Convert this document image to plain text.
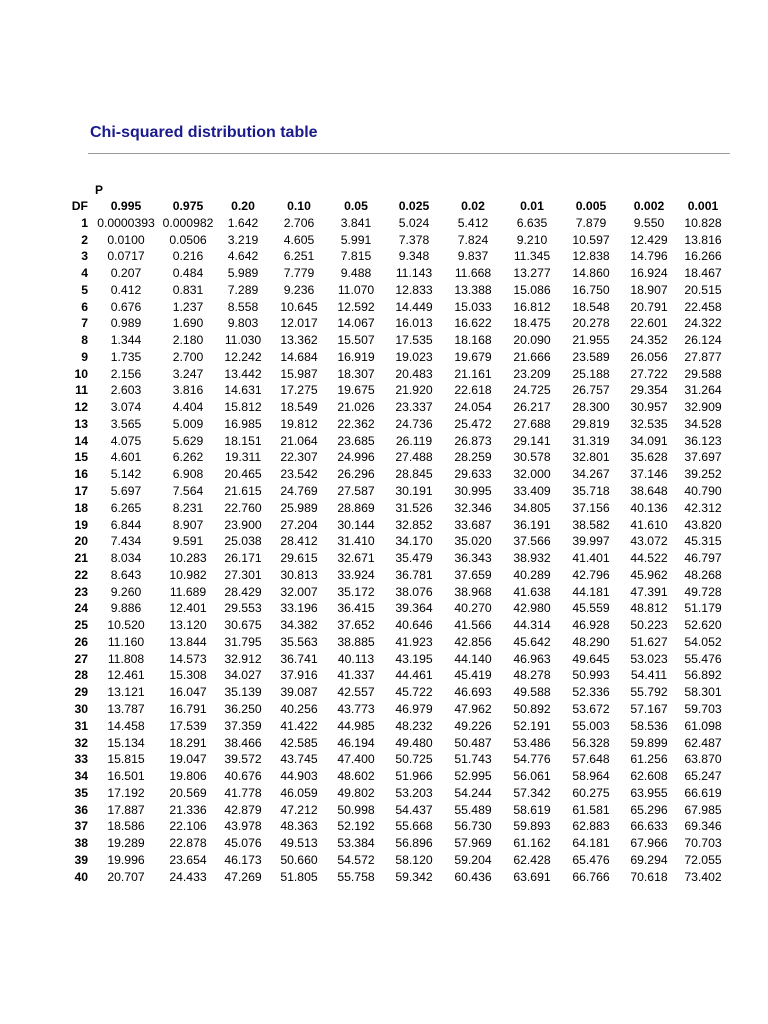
Chi-squared distribution table
P
DF	0.995	0.975	0.20	0.10	0.05	0.025	0.02	0.01	0.005	0.002	0.001
1	0.0000393	0.000982	1.642	2.706	3.841	5.024	5.412	6.635	7.879	9.550	10.828
2	0.0100	0.0506	3.219	4.605	5.991	7.378	7.824	9.210	10.597	12.429	13.816
3	0.0717	0.216	4.642	6.251	7.815	9.348	9.837	11.345	12.838	14.796	16.266
4	0.207	0.484	5.989	7.779	9.488	11.143	11.668	13.277	14.860	16.924	18.467
5	0.412	0.831	7.289	9.236	11.070	12.833	13.388	15.086	16.750	18.907	20.515
6	0.676	1.237	8.558	10.645	12.592	14.449	15.033	16.812	18.548	20.791	22.458
7	0.989	1.690	9.803	12.017	14.067	16.013	16.622	18.475	20.278	22.601	24.322
8	1.344	2.180	11.030	13.362	15.507	17.535	18.168	20.090	21.955	24.352	26.124
9	1.735	2.700	12.242	14.684	16.919	19.023	19.679	21.666	23.589	26.056	27.877
10	2.156	3.247	13.442	15.987	18.307	20.483	21.161	23.209	25.188	27.722	29.588
11	2.603	3.816	14.631	17.275	19.675	21.920	22.618	24.725	26.757	29.354	31.264
12	3.074	4.404	15.812	18.549	21.026	23.337	24.054	26.217	28.300	30.957	32.909
13	3.565	5.009	16.985	19.812	22.362	24.736	25.472	27.688	29.819	32.535	34.528
14	4.075	5.629	18.151	21.064	23.685	26.119	26.873	29.141	31.319	34.091	36.123
15	4.601	6.262	19.311	22.307	24.996	27.488	28.259	30.578	32.801	35.628	37.697
16	5.142	6.908	20.465	23.542	26.296	28.845	29.633	32.000	34.267	37.146	39.252
17	5.697	7.564	21.615	24.769	27.587	30.191	30.995	33.409	35.718	38.648	40.790
18	6.265	8.231	22.760	25.989	28.869	31.526	32.346	34.805	37.156	40.136	42.312
19	6.844	8.907	23.900	27.204	30.144	32.852	33.687	36.191	38.582	41.610	43.820
20	7.434	9.591	25.038	28.412	31.410	34.170	35.020	37.566	39.997	43.072	45.315
21	8.034	10.283	26.171	29.615	32.671	35.479	36.343	38.932	41.401	44.522	46.797
22	8.643	10.982	27.301	30.813	33.924	36.781	37.659	40.289	42.796	45.962	48.268
23	9.260	11.689	28.429	32.007	35.172	38.076	38.968	41.638	44.181	47.391	49.728
24	9.886	12.401	29.553	33.196	36.415	39.364	40.270	42.980	45.559	48.812	51.179
25	10.520	13.120	30.675	34.382	37.652	40.646	41.566	44.314	46.928	50.223	52.620
26	11.160	13.844	31.795	35.563	38.885	41.923	42.856	45.642	48.290	51.627	54.052
27	11.808	14.573	32.912	36.741	40.113	43.195	44.140	46.963	49.645	53.023	55.476
28	12.461	15.308	34.027	37.916	41.337	44.461	45.419	48.278	50.993	54.411	56.892
29	13.121	16.047	35.139	39.087	42.557	45.722	46.693	49.588	52.336	55.792	58.301
30	13.787	16.791	36.250	40.256	43.773	46.979	47.962	50.892	53.672	57.167	59.703
31	14.458	17.539	37.359	41.422	44.985	48.232	49.226	52.191	55.003	58.536	61.098
32	15.134	18.291	38.466	42.585	46.194	49.480	50.487	53.486	56.328	59.899	62.487
33	15.815	19.047	39.572	43.745	47.400	50.725	51.743	54.776	57.648	61.256	63.870
34	16.501	19.806	40.676	44.903	48.602	51.966	52.995	56.061	58.964	62.608	65.247
35	17.192	20.569	41.778	46.059	49.802	53.203	54.244	57.342	60.275	63.955	66.619
36	17.887	21.336	42.879	47.212	50.998	54.437	55.489	58.619	61.581	65.296	67.985
37	18.586	22.106	43.978	48.363	52.192	55.668	56.730	59.893	62.883	66.633	69.346
38	19.289	22.878	45.076	49.513	53.384	56.896	57.969	61.162	64.181	67.966	70.703
39	19.996	23.654	46.173	50.660	54.572	58.120	59.204	62.428	65.476	69.294	72.055
40	20.707	24.433	47.269	51.805	55.758	59.342	60.436	63.691	66.766	70.618	73.402
